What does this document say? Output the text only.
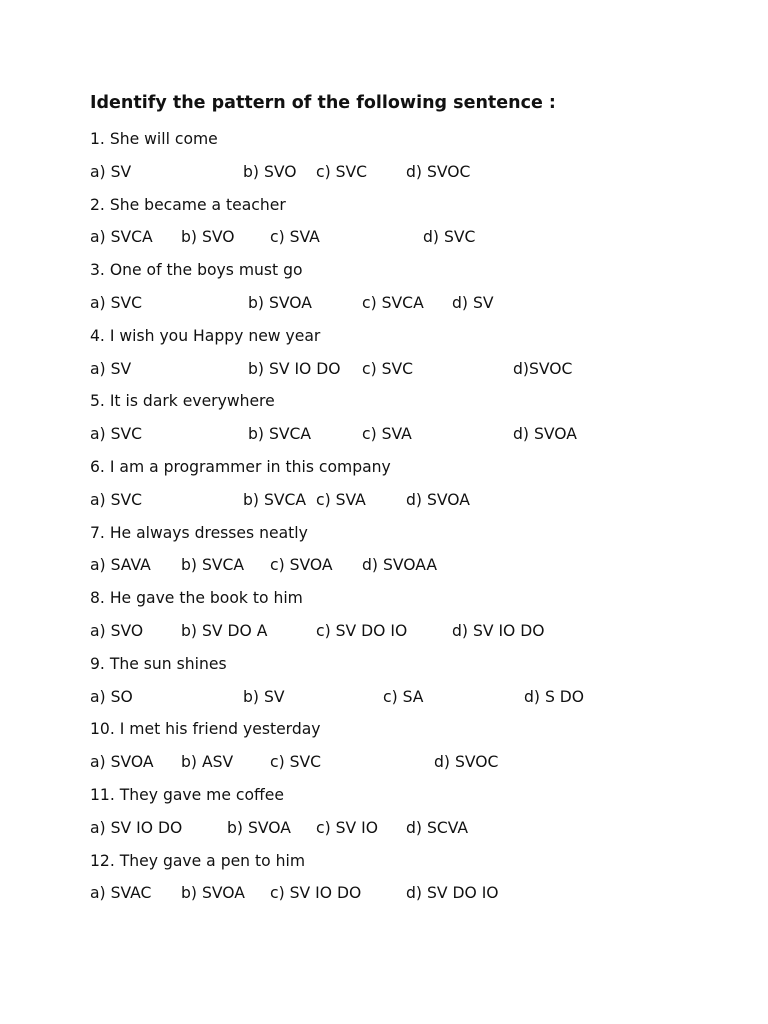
Identify the pattern of the following sentence :
1. She will come
a) SV	b) SVO c) SVC d) SVOC
2. She became a teacher
a) SVCA b) SVO c) SVA	d) SVC
3. One of the boys must go
a) SVC	b) SVOA	c) SVCA d) SV
4. I wish you Happy new year
a) SV	b) SV IO DO c) SVC	d)SVOC
5. It is dark everywhere
a) SVC	b) SVCA	c) SVA	d) SVOA
6. I am a programmer in this company
a) SVC	b) SVCA c) SVA	d) SVOA
7. He always dresses neatly
a) SAVA b) SVCA c) SVOA d) SVOAA
8. He gave the book to him
a) SVO b) SV DO A	c) SV DO IO	d) SV IO DO
9. The sun shines
a) SO	b) SV	c) SA	d) S DO
10. I met his friend yesterday
a) SVOA b) ASV c) SVC	d) SVOC
11. They gave me coffee
a) SV IO DO	b) SVOA c) SV IO d) SCVA
12. They gave a pen to him
a) SVAC b) SVOA c) SV IO DO	d) SV DO IO
